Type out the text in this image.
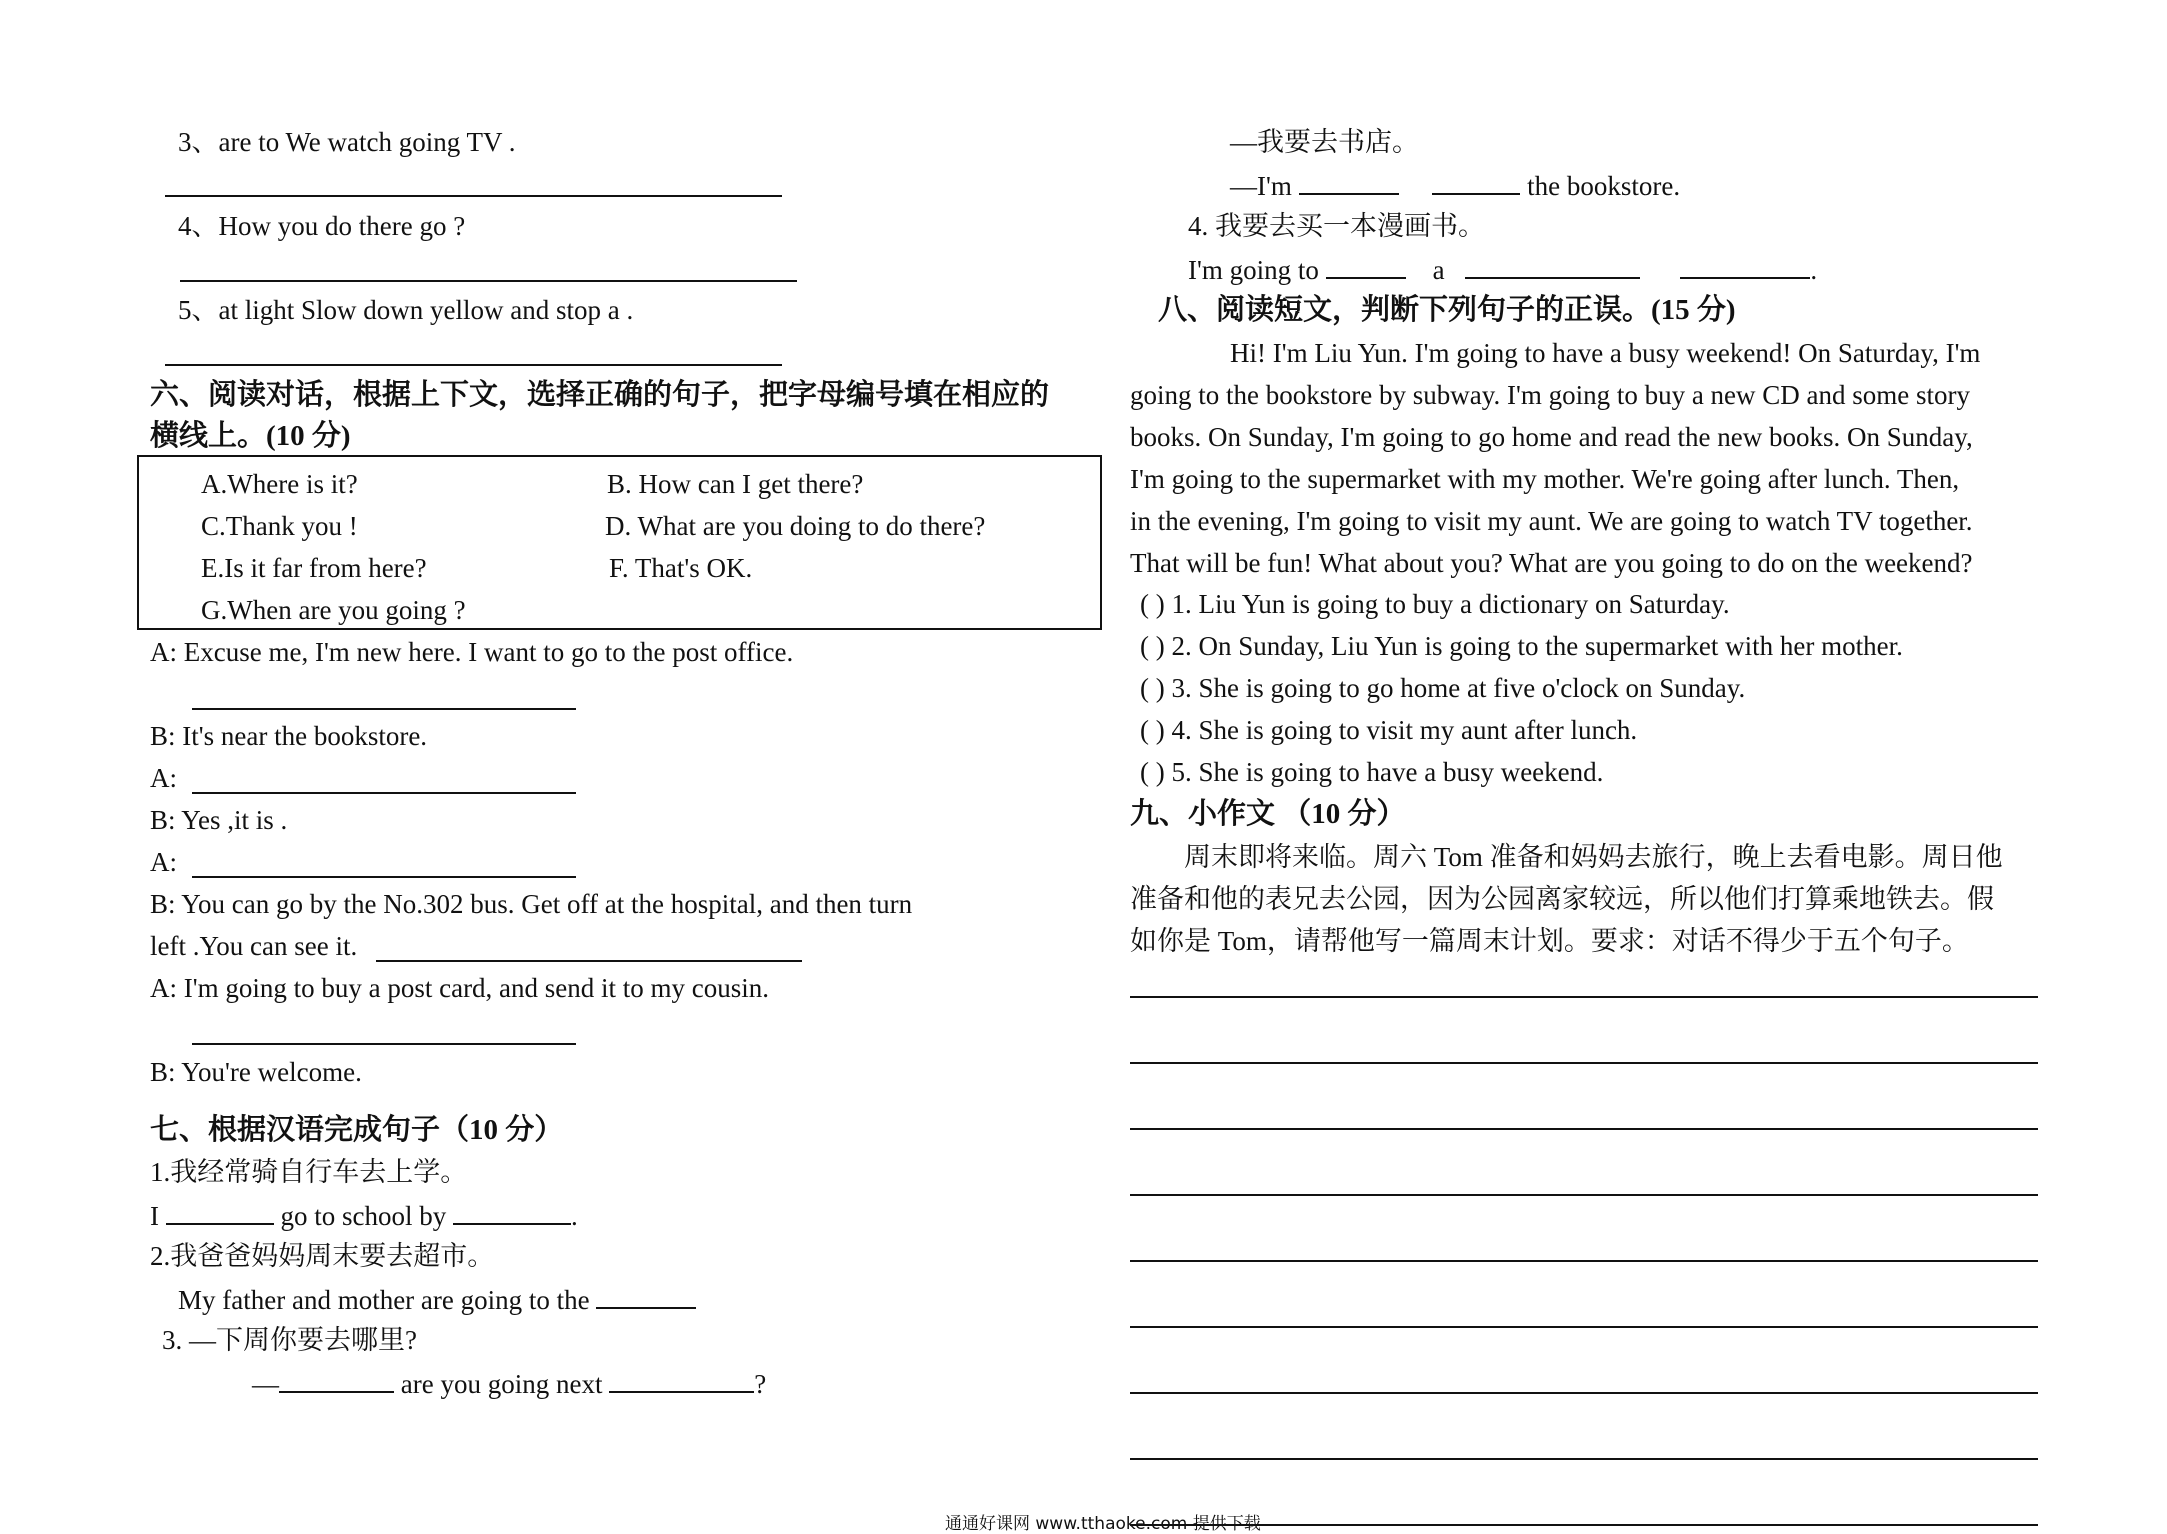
3、are to We watch going TV .
4、How you do there go ?
5、at light Slow down yellow and stop a .
六、阅读对话，根据上下文，选择正确的句子，把字母编号填在相应的
横线上。(10 分)
A.Where is it?	B. How can I get there?
C.Thank you !	D. What are you doing to do there?
E.Is it far from here?	F. That's OK.
G.When are you going ?
A: Excuse me, I'm new here. I want to go to the post office.
B: It's near the bookstore.
A:
B: Yes ,it is .
A:
B: You can go by the No.302 bus. Get off at the hospital, and then turn
left .You can see it.
A: I'm going to buy a post card, and send it to my cousin.
B: You're welcome.
七、根据汉语完成句子（10 分）
1.我经常骑自行车去上学。
I	go to school by	.
2.我爸爸妈妈周末要去超市。
My father and mother are going to the
3. —下周你要去哪里?
—	are you going next	?
—我要去书店。
—I'm	the bookstore.
4. 我要去买一本漫画书。
I'm going to	a	.
八、阅读短文，判断下列句子的正误。(15 分)
Hi! I'm Liu Yun. I'm going to have a busy weekend! On Saturday, I'm
going to the bookstore by subway. I'm going to buy a new CD and some story
books. On Sunday, I'm going to go home and read the new books. On Sunday,
I'm going to the supermarket with my mother. We're going after lunch. Then,
in the evening, I'm going to visit my aunt. We are going to watch TV together.
That will be fun! What about you? What are you going to do on the weekend?
( ) 1. Liu Yun is going to buy a dictionary on Saturday.
( ) 2. On Sunday, Liu Yun is going to the supermarket with her mother.
( ) 3. She is going to go home at five o'clock on Sunday.
( ) 4. She is going to visit my aunt after lunch.
( ) 5. She is going to have a busy weekend.
九、小作文 （10 分）
周末即将来临。周六 Tom 准备和妈妈去旅行，晚上去看电影。周日他
准备和他的表兄去公园，因为公园离家较远，所以他们打算乘地铁去。假
如你是 Tom，请帮他写一篇周末计划。要求：对话不得少于五个句子。
通通好课网 www.tthaoke.com 提供下载
